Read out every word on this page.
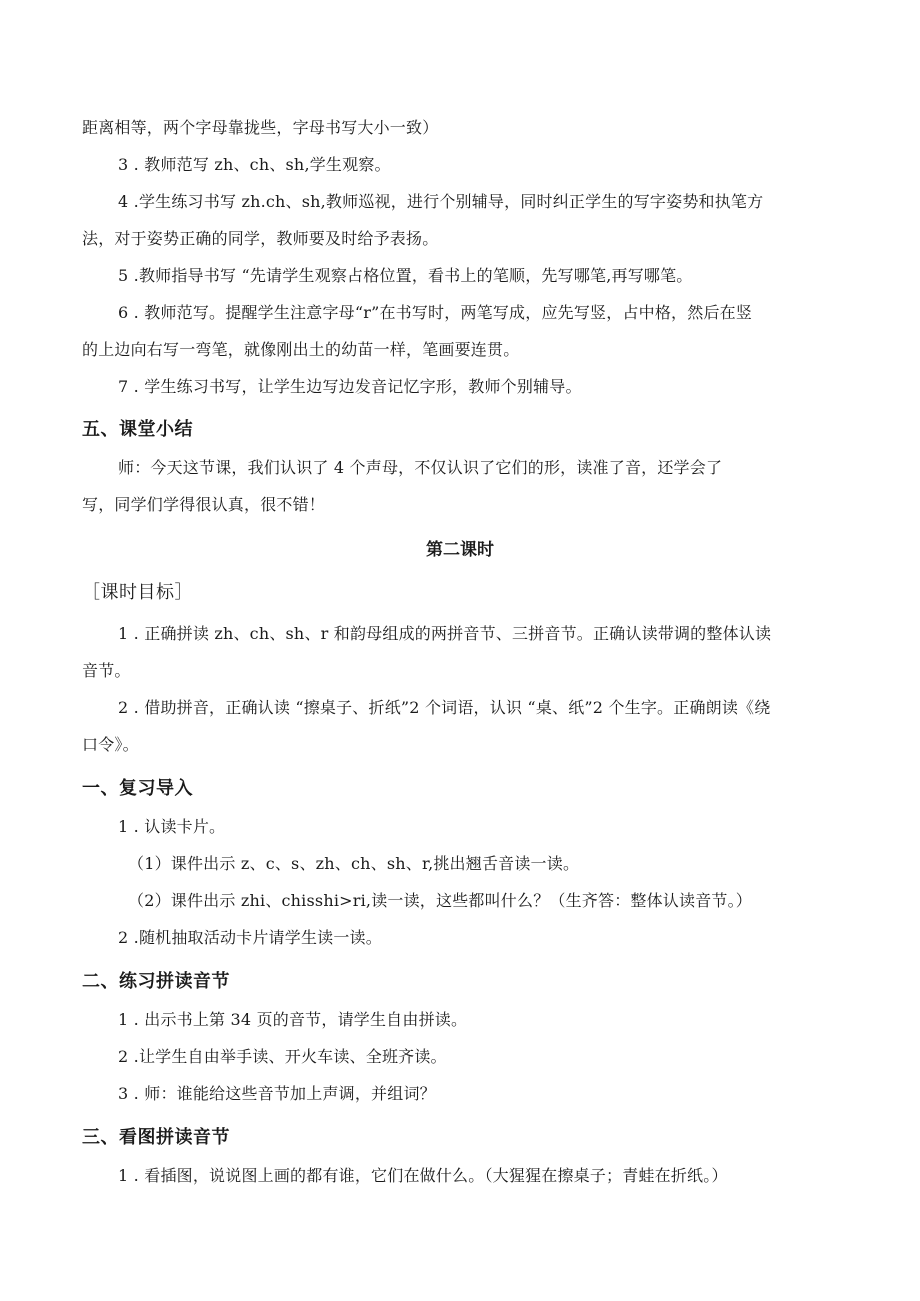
距离相等，两个字母靠拢些，字母书写大小一致）
3 . 教师范写 zh、ch、sh,学生观察。
4 .学生练习书写 zh.ch、sh,教师巡视，进行个别辅导，同时纠正学生的写字姿势和执笔方
法，对于姿势正确的同学，教师要及时给予表扬。
5 .教师指导书写 “先请学生观察占格位置，看书上的笔顺，先写哪笔,再写哪笔。
6 . 教师范写。提醒学生注意字母“r”在书写时，两笔写成，应先写竖，占中格，然后在竖
的上边向右写一弯笔，就像刚出土的幼苗一样，笔画要连贯。
7 . 学生练习书写，让学生边写边发音记忆字形，教师个别辅导。
五、课堂小结
师：今天这节课，我们认识了 4 个声母，不仅认识了它们的形，读准了音，还学会了
写，同学们学得很认真，很不错！
第二课时
［课时目标］
1 . 正确拼读 zh、ch、sh、r 和韵母组成的两拼音节、三拼音节。正确认读带调的整体认读
音节。
2 . 借助拼音，正确认读 “擦桌子、折纸”2 个词语，认识 “桌、纸”2 个生字。正确朗读《绕
口令》。
一、复习导入
1 . 认读卡片。
（1）课件出示 z、c、s、zh、ch、sh、r,挑出翘舌音读一读。
（2）课件出示 zhi、chisshi>ri,读一读，这些都叫什么？（生齐答：整体认读音节。）
2 .随机抽取活动卡片请学生读一读。
二、练习拼读音节
1 . 出示书上第 34 页的音节，请学生自由拼读。
2 .让学生自由举手读、开火车读、全班齐读。
3 . 师：谁能给这些音节加上声调，并组词？
三、看图拼读音节
1 . 看插图，说说图上画的都有谁，它们在做什么。（大猩猩在擦桌子；青蛙在折纸。）
